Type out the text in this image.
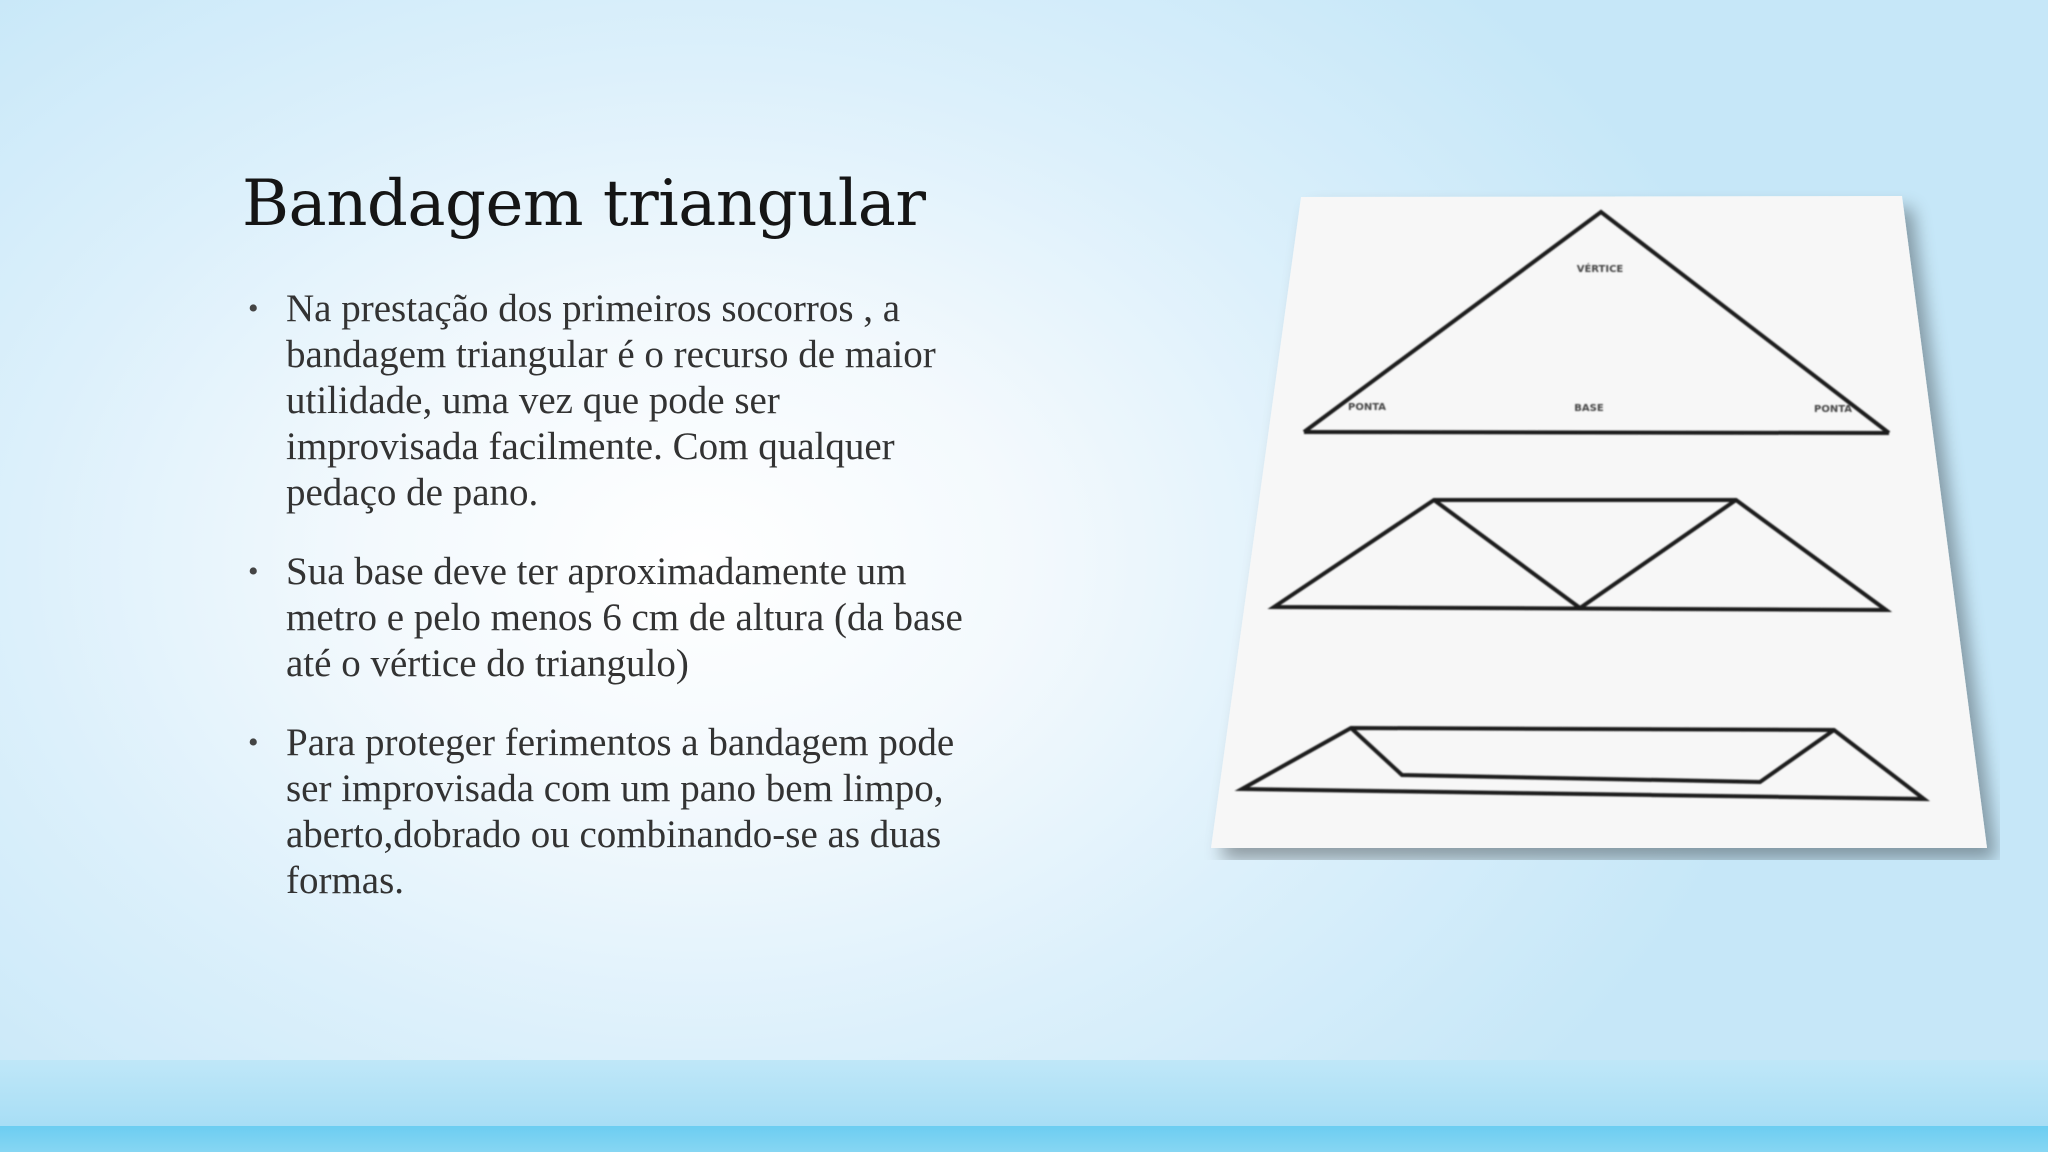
Bandagem triangular
• Na prestação dos primeiros socorros , a
bandagem triangular é o recurso de maior
utilidade, uma vez que pode ser
improvisada facilmente. Com qualquer
pedaço de pano.
• Sua base deve ter aproximadamente um
metro e pelo menos 6 cm de altura (da base
até o vértice do triangulo)
• Para proteger ferimentos a bandagem pode
ser improvisada com um pano bem limpo,
aberto,dobrado ou combinando-se as duas
formas.
VÉRTICE
PONTA	BASE	PONTA
